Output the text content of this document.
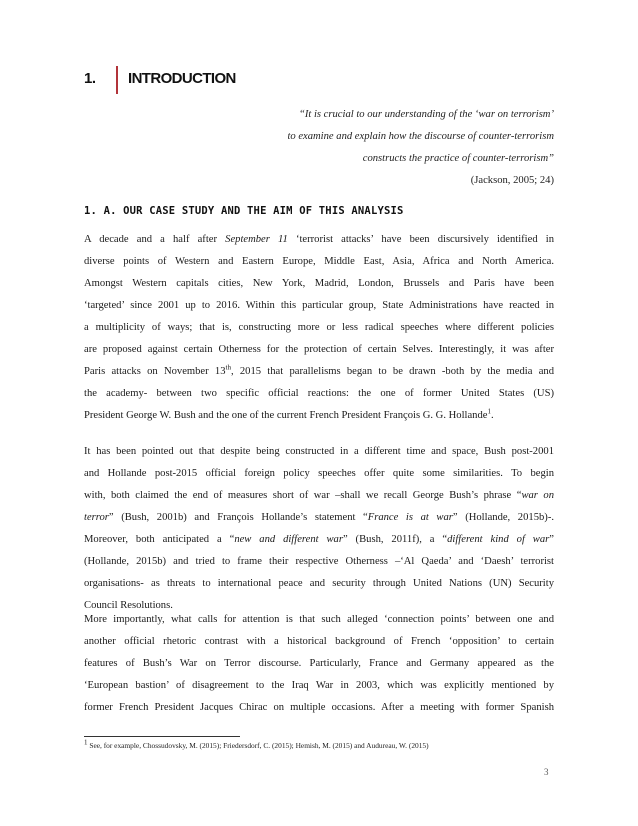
1. INTRODUCTION
“It is crucial to our understanding of the ‘war on terrorism’
to examine and explain how the discourse of counter-terrorism
constructs the practice of counter-terrorism”
(Jackson, 2005; 24)
1. A. OUR CASE STUDY AND THE AIM OF THIS ANALYSIS
A decade and a half after September 11 ‘terrorist attacks’ have been discursively identified in
diverse points of Western and Eastern Europe, Middle East, Asia, Africa and North America.
Amongst Western capitals cities, New York, Madrid, London, Brussels and Paris have been
‘targeted’ since 2001 up to 2016. Within this particular group, State Administrations have reacted in
a multiplicity of ways; that is, constructing more or less radical speeches where different policies
are proposed against certain Otherness for the protection of certain Selves. Interestingly, it was after
Paris attacks on November 13th, 2015 that parallelisms began to be drawn -both by the media and
the academy- between two specific official reactions: the one of former United States (US)
President George W. Bush and the one of the current French President François G. G. Hollande$^1$.
It has been pointed out that despite being constructed in a different time and space, Bush post-2001
and Hollande post-2015 official foreign policy speeches offer quite some similarities. To begin
with, both claimed the end of measures short of war –shall we recall George Bush’s phrase “war on
terror” (Bush, 2001b) and François Hollande’s statement “France is at war” (Hollande, 2015b)-.
Moreover, both anticipated a “new and different war” (Bush, 2011f), a “different kind of war”
(Hollande, 2015b) and tried to frame their respective Otherness –‘Al Qaeda’ and ‘Daesh’ terrorist
organisations- as threats to international peace and security through United Nations (UN) Security
Council Resolutions.
More importantly, what calls for attention is that such alleged ‘connection points’ between one and
another official rhetoric contrast with a historical background of French ‘opposition’ to certain
features of Bush’s War on Terror discourse. Particularly, France and Germany appeared as the
‘European bastion’ of disagreement to the Iraq War in 2003, which was explicitly mentioned by
former French President Jacques Chirac on multiple occasions. After a meeting with former Spanish
$^1$ See, for example, Chossudovsky, M. (2015); Friedersdorf, C. (2015); Hemish, M. (2015) and Audureau, W. (2015)
3
